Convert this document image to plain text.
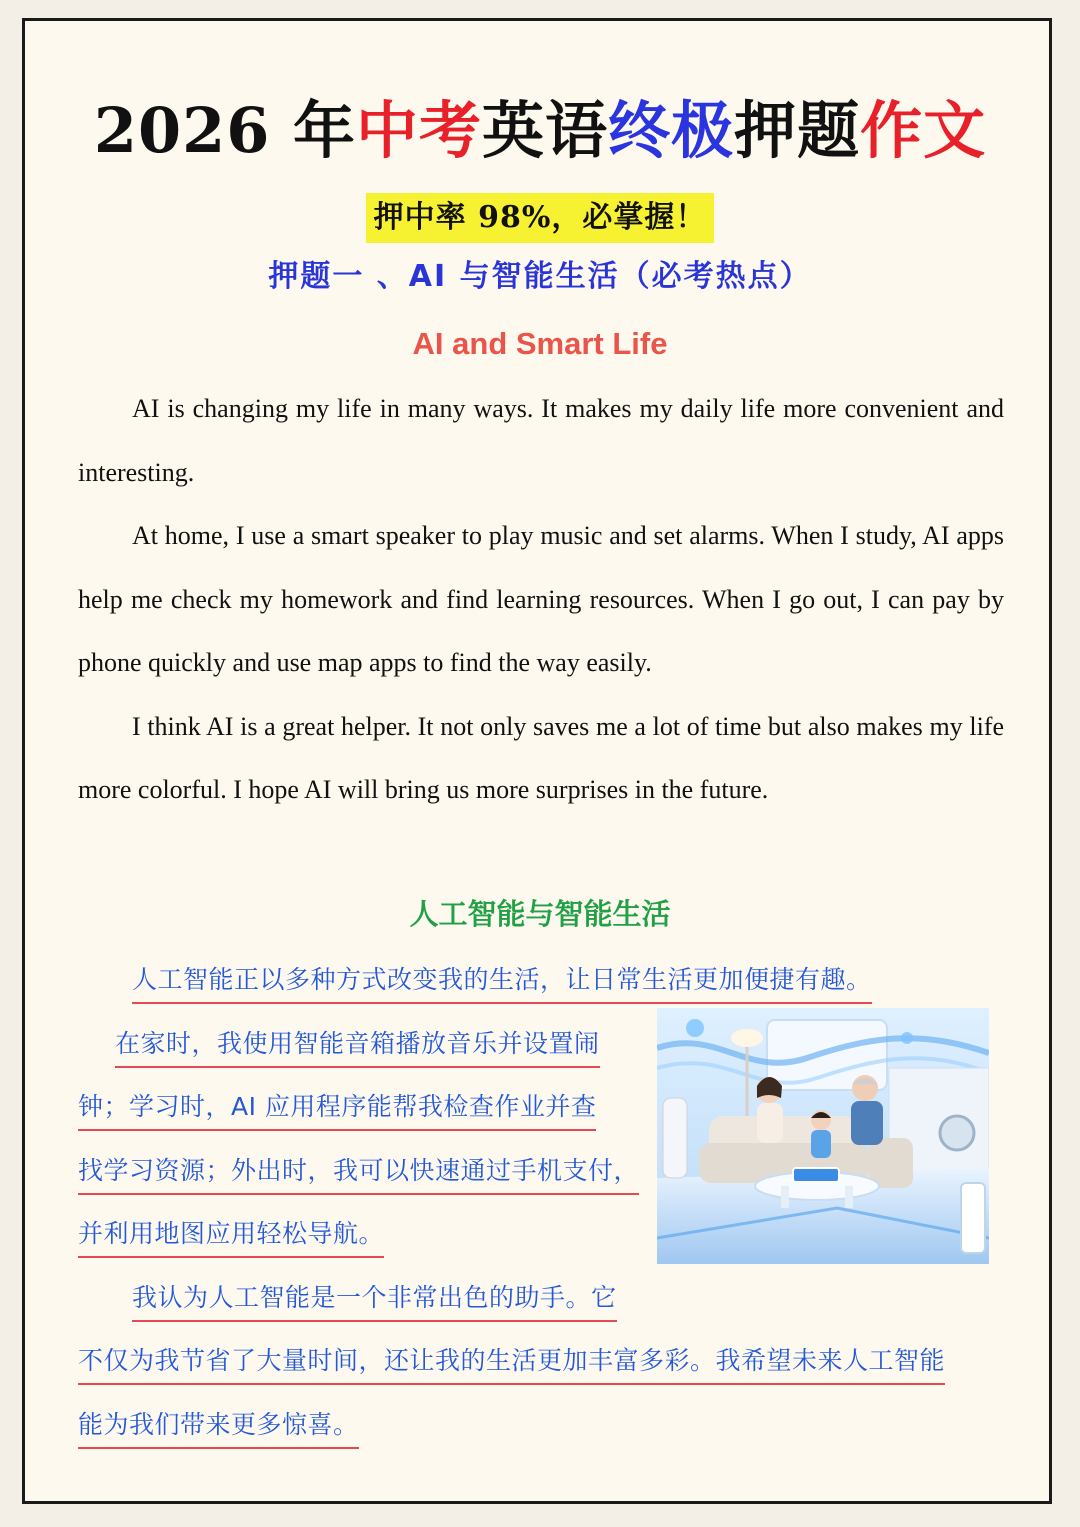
2026 年中考英语终极押题作文
押中率 98%，必掌握！
押题一 、AI 与智能生活（必考热点）
AI and Smart Life

AI is changing my life in many ways. It makes my daily life more convenient and interesting.

At home, I use a smart speaker to play music and set alarms. When I study, AI apps help me check my homework and find learning resources. When I go out, I can pay by phone quickly and use map apps to find the way easily.

I think AI is a great helper. It not only saves me a lot of time but also makes my life more colorful. I hope AI will bring us more surprises in the future.

人工智能与智能生活
人工智能正以多种方式改变我的生活，让日常生活更加便捷有趣。
在家时，我使用智能音箱播放音乐并设置闹
钟；学习时，AI 应用程序能帮我检查作业并查
找学习资源；外出时，我可以快速通过手机支付，
并利用地图应用轻松导航。
我认为人工智能是一个非常出色的助手。它
不仅为我节省了大量时间，还让我的生活更加丰富多彩。我希望未来人工智能
能为我们带来更多惊喜。
